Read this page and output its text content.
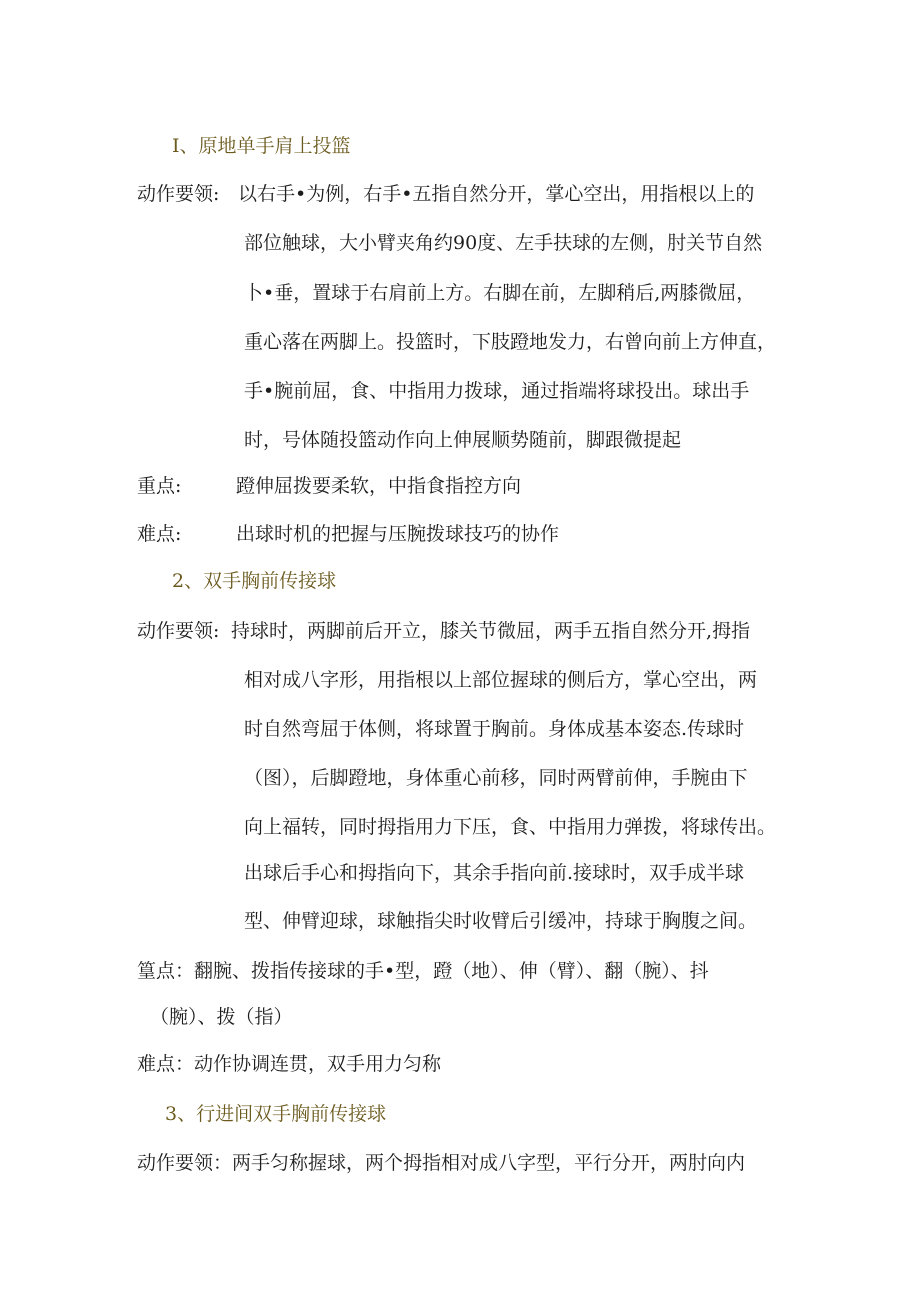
I、原地单手肩上投篮
动作要领: 以右手•为例，右手•五指自然分开，掌心空出，用指根以上的
部位触球，大小臂夹角约90度、左手扶球的左侧，肘关节自然
卜•垂，置球于右肩前上方。右脚在前，左脚稍后,两膝微屈，
重心落在两脚上。投篮时，下肢蹬地发力，右曾向前上方伸直，
手•腕前屈，食、中指用力拨球，通过指端将球投出。球出手
时，号体随投篮动作向上伸展顺势随前，脚跟微提起
重点:	蹬伸屈拨要柔软，中指食指控方向
难点:	出球时机的把握与压腕拨球技巧的协作
2、双手胸前传接球
动作要领: 持球时，两脚前后开立，膝关节微屈，两手五指自然分开,拇指
相对成八字形，用指根以上部位握球的侧后方，掌心空出，两
时自然弯屈于体侧，将球置于胸前。身体成基本姿态.传球时
（图），后脚蹬地，身体重心前移，同时两臂前伸，手腕由下
向上福转，同时拇指用力下压，食、中指用力弹拨，将球传出。
出球后手心和拇指向下，其余手指向前.接球时，双手成半球
型、伸臂迎球，球触指尖时收臂后引缓冲，持球于胸腹之间。
篁点：翻腕、拨指传接球的手•型，蹬（地）、伸（臂）、翻（腕）、抖
（腕）、拨（指）
难点：动作协调连贯，双手用力匀称
3、行进间双手胸前传接球
动作要领：两手匀称握球，两个拇指相对成八字型，平行分开，两肘向内
